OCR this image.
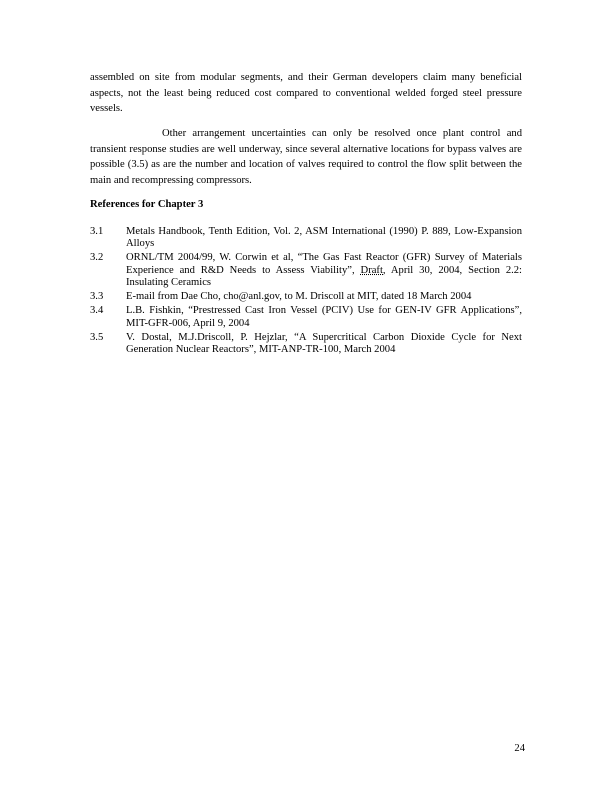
assembled on site from modular segments, and their German developers claim many beneficial aspects, not the least being reduced cost compared to conventional welded forged steel pressure vessels.

Other arrangement uncertainties can only be resolved once plant control and transient response studies are well underway, since several alternative locations for bypass valves are possible (3.5) as are the number and location of valves required to control the flow split between the main and recompressing compressors.

References for Chapter 3

3.1	Metals Handbook, Tenth Edition, Vol. 2, ASM International (1990) P. 889, Low-Expansion Alloys
3.2	ORNL/TM 2004/99, W. Corwin et al, “The Gas Fast Reactor (GFR) Survey of Materials Experience and R&D Needs to Assess Viability”, Draft, April 30, 2004, Section 2.2: Insulating Ceramics
3.3	E-mail from Dae Cho, cho@anl.gov, to M. Driscoll at MIT, dated 18 March 2004
3.4	L.B. Fishkin, “Prestressed Cast Iron Vessel (PCIV) Use for GEN-IV GFR Applications”, MIT-GFR-006, April 9, 2004
3.5	V. Dostal, M.J.Driscoll, P. Hejzlar, “A Supercritical Carbon Dioxide Cycle for Next Generation Nuclear Reactors”, MIT-ANP-TR-100, March 2004
24
